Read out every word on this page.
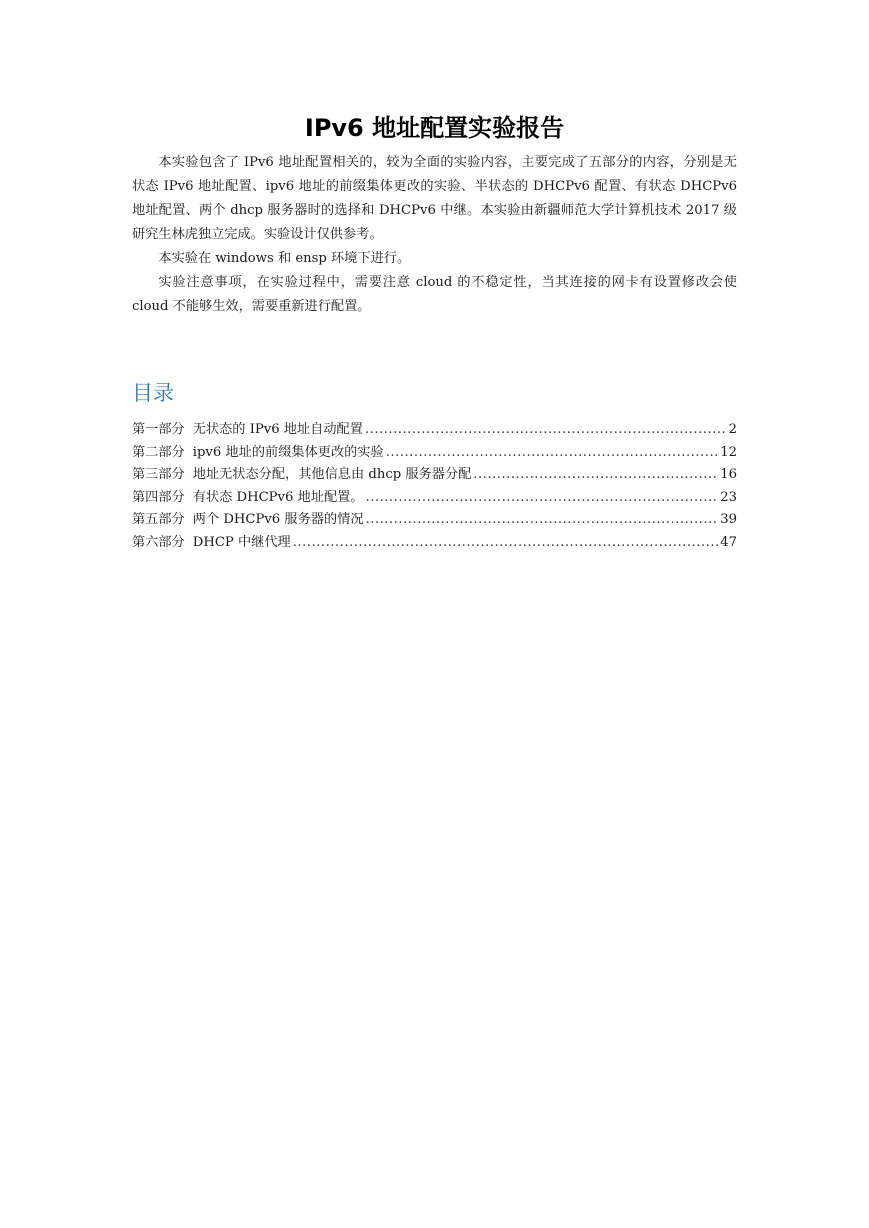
IPv6 地址配置实验报告

本实验包含了 IPv6 地址配置相关的，较为全面的实验内容，主要完成了五部分的内容，分别是无状态 IPv6 地址配置、ipv6 地址的前缀集体更改的实验、半状态的 DHCPv6 配置、有状态 DHCPv6 地址配置、两个 dhcp 服务器时的选择和 DHCPv6 中继。本实验由新疆师范大学计算机技术 2017 级研究生林虎独立完成。实验设计仅供参考。

本实验在 windows 和 ensp 环境下进行。

实验注意事项，在实验过程中，需要注意 cloud 的不稳定性，当其连接的网卡有设置修改会使 cloud 不能够生效，需要重新进行配置。

目录
第一部分 无状态的 IPv6 地址自动配置 .....	2
第二部分 ipv6 地址的前缀集体更改的实验 .....	12
第三部分 地址无状态分配，其他信息由 dhcp 服务器分配 .....	16
第四部分 有状态 DHCPv6 地址配置。 .....	23
第五部分 两个 DHCPv6 服务器的情况 .....	39
第六部分 DHCP 中继代理 .....	47
